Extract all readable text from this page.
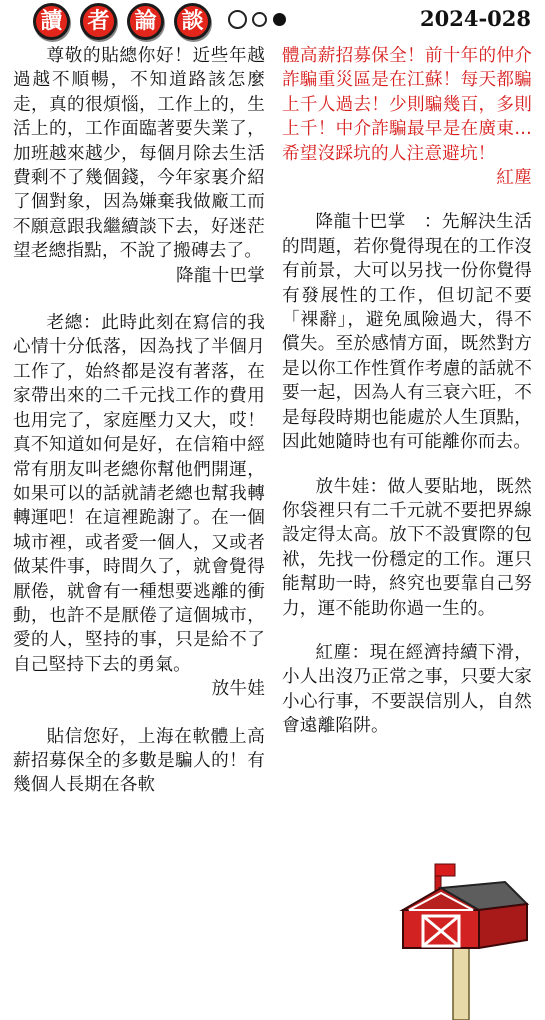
讀	者	論	談	2024-028

尊敬的貼總你好！近些年越過越不順暢，不知道路該怎麼走，真的很煩惱，工作上的，生活上的，工作面臨著要失業了，加班越來越少，每個月除去生活費剩不了幾個錢，今年家裏介紹了個對象，因為嫌棄我做廠工而不願意跟我繼續談下去，好迷茫望老總指點，不說了搬磚去了。

降龍十巴掌

老總：此時此刻在寫信的我心情十分低落，因為找了半個月工作了，始終都是沒有著落，在家帶出來的二千元找工作的費用也用完了，家庭壓力又大，哎！真不知道如何是好，在信箱中經常有朋友叫老總你幫他們開運，如果可以的話就請老總也幫我轉轉運吧！在這裡跪謝了。在一個城市裡，或者愛一個人，又或者做某件事，時間久了，就會覺得厭倦，就會有一種想要逃離的衝動，也許不是厭倦了這個城市，愛的人，堅持的事，只是給不了自己堅持下去的勇氣。

放牛娃

貼信您好，上海在軟體上高薪招募保全的多數是騙人的！有幾個人長期在各軟

體高薪招募保全！前十年的仲介詐騙重災區是在江蘇！每天都騙上千人過去！少則騙幾百，多則上千！中介詐騙最早是在廣東…希望沒踩坑的人注意避坑！

紅塵

降龍十巴掌　：先解決生活的問題，若你覺得現在的工作沒有前景，大可以另找一份你覺得有發展性的工作，但切記不要「裸辭」，避免風險過大，得不償失。至於感情方面，既然對方是以你工作性質作考慮的話就不要一起，因為人有三衰六旺，不是每段時期也能處於人生頂點，因此她隨時也有可能離你而去。

放牛娃：做人要貼地，既然你袋裡只有二千元就不要把界線設定得太高。放下不設實際的包袱，先找一份穩定的工作。運只能幫助一時，終究也要靠自己努力，運不能助你過一生的。

紅塵：現在經濟持續下滑，小人出沒乃正常之事，只要大家小心行事，不要誤信別人，自然會遠離陷阱。
